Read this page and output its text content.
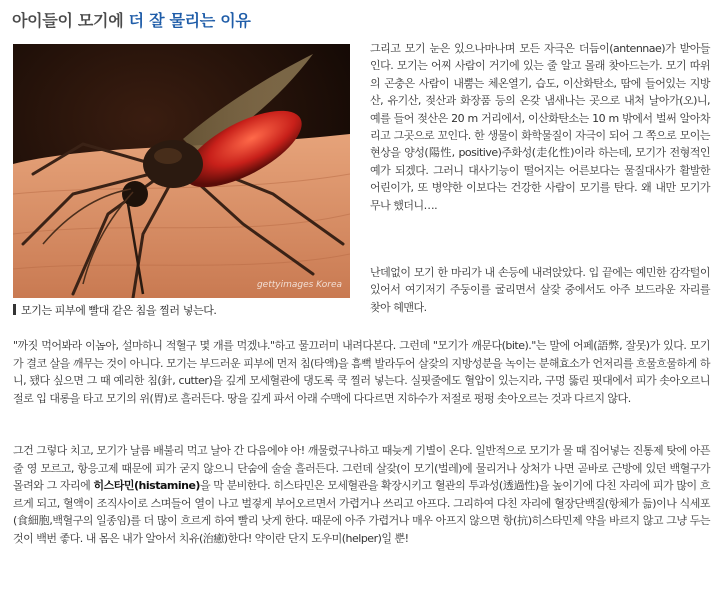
아이들이 모기에 더 잘 물리는 이유
gettyimages Korea
모기는 피부에 빨대 같은 침을 찔러 넣는다.

그리고 모기 눈은 있으나마나며 모든 자극은 더듬이(antennae)가 받아들인다. 모기는 어찌 사람이 거기에 있는 줄 알고 몰래 찾아드는가. 모기 따위의 곤충은 사람이 내뿜는 체온열기, 습도, 이산화탄소, 땀에 들어있는 지방산, 유기산, 젖산과 화장품 등의 온갖 냄새나는 곳으로 내처 날아가(오)니, 예를 들어 젖산은 20 m 거리에서, 이산화탄소는 10 m 밖에서 벌써 알아차리고 그곳으로 꼬인다. 한 생물이 화학물질이 자극이 되어 그 쪽으로 모이는 현상을 양성(陽性, positive)주화성(走化性)이라 하는데, 모기가 전형적인 예가 되겠다. 그러니 대사기능이 떨어지는 어른보다는 물질대사가 활발한 어린이가, 또 병약한 이보다는 건강한 사람이 모기를 탄다. 왜 내만 모기가 무나 했더니….

난데없이 모기 한 마리가 내 손등에 내려앉았다. 입 끝에는 예민한 감각털이 있어서 여기저기 주둥이를 굴리면서 살갗 중에서도 아주 보드라운 자리를 찾아 헤맨다.

"까짓 먹어봐라 이놈아, 설마하니 적혈구 몇 개를 먹겠냐."하고 물끄러미 내려다본다. 그런데 "모기가 깨문다(bite)."는 말에 어페(語弊, 잘못)가 있다. 모기가 결코 살을 깨무는 것이 아니다. 모기는 부드러운 피부에 먼저 침(타액)을 흠뻑 발라두어 살갗의 지방성분을 녹이는 분해효소가 언저리를 흐물흐물하게 하니, 됐다 싶으면 그 때 예리한 침(針, cutter)을 깊게 모세혈관에 댕도록 쿡 찔러 넣는다. 실핏줄에도 혈압이 있는지라, 구멍 뚫린 핏대에서 피가 솟아오르니 절로 입 대롱을 타고 모기의 위(胃)로 흘러든다. 땅을 깊게 파서 아래 수맥에 다다르면 지하수가 저절로 펑펑 솟아오르는 것과 다르지 않다.

그건 그렇다 치고, 모기가 날름 배불리 먹고 날아 간 다음에야 아! 깨물렸구나하고 때늦게 기별이 온다. 일반적으로 모기가 물 때 집어넣는 진통제 탓에 아픈 줄 영 모르고, 항응고제 때문에 피가 굳지 않으니 단숨에 술술 흘러든다. 그런데 살갗(이 모기(벌레)에 물리거나 상처가 나면 곧바로 근방에 있던 백혈구가 몰려와 그 자리에 히스타민(histamine)을 막 분비한다. 히스타민은 모세혈관을 확장시키고 혈관의 투과성(透過性)을 높이기에 다친 자리에 피가 많이 흐르게 되고, 혈액이 조직사이로 스며들어 열이 나고 벌겋게 부어오르면서 가렵거나 쓰리고 아프다. 그리하여 다친 자리에 혈장단백질(항체가 듦)이나 식세포(食細胞,백혈구의 일종임)를 더 많이 흐르게 하여 빨리 낫게 한다. 때문에 아주 가렵거나 매우 아프지 않으면 항(抗)히스타민제 약을 바르지 않고 그냥 두는 것이 백번 좋다. 내 몸은 내가 알아서 치유(治癒)한다! 약이란 단지 도우미(helper)일 뿐!
